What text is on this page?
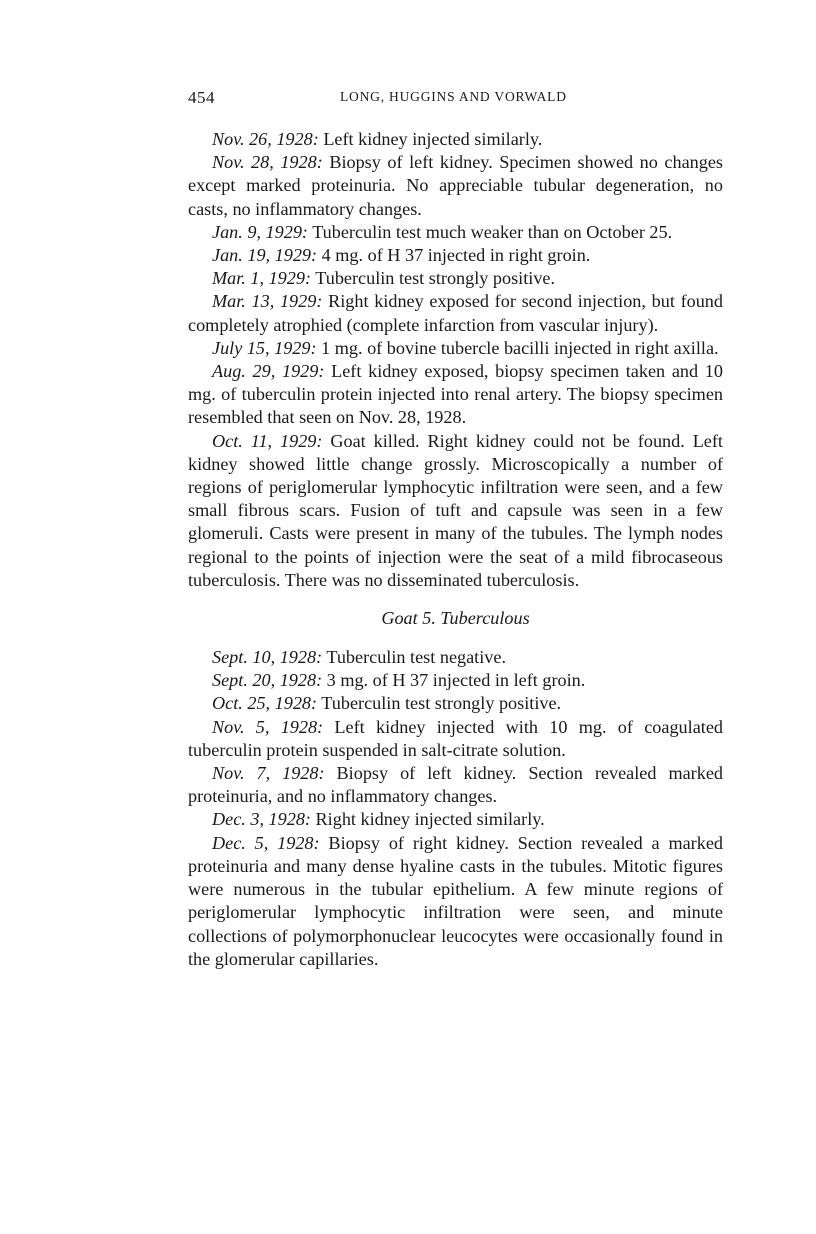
454	LONG, HUGGINS AND VORWALD

Nov. 26, 1928: Left kidney injected similarly.

Nov. 28, 1928: Biopsy of left kidney. Specimen showed no changes except marked proteinuria. No appreciable tubular degeneration, no casts, no inflammatory changes.

Jan. 9, 1929: Tuberculin test much weaker than on October 25.

Jan. 19, 1929: 4 mg. of H 37 injected in right groin.

Mar. 1, 1929: Tuberculin test strongly positive.

Mar. 13, 1929: Right kidney exposed for second injection, but found completely atrophied (complete infarction from vascular injury).

July 15, 1929: 1 mg. of bovine tubercle bacilli injected in right axilla.

Aug. 29, 1929: Left kidney exposed, biopsy specimen taken and 10 mg. of tuberculin protein injected into renal artery. The biopsy specimen resembled that seen on Nov. 28, 1928.

Oct. 11, 1929: Goat killed. Right kidney could not be found. Left kidney showed little change grossly. Microscopically a number of regions of periglomerular lymphocytic infiltration were seen, and a few small fibrous scars. Fusion of tuft and capsule was seen in a few glomeruli. Casts were present in many of the tubules. The lymph nodes regional to the points of injection were the seat of a mild fibrocaseous tuberculosis. There was no disseminated tuberculosis.

Goat 5. Tuberculous

Sept. 10, 1928: Tuberculin test negative.

Sept. 20, 1928: 3 mg. of H 37 injected in left groin.

Oct. 25, 1928: Tuberculin test strongly positive.

Nov. 5, 1928: Left kidney injected with 10 mg. of coagulated tuberculin protein suspended in salt-citrate solution.

Nov. 7, 1928: Biopsy of left kidney. Section revealed marked proteinuria, and no inflammatory changes.

Dec. 3, 1928: Right kidney injected similarly.

Dec. 5, 1928: Biopsy of right kidney. Section revealed a marked proteinuria and many dense hyaline casts in the tubules. Mitotic figures were numerous in the tubular epithelium. A few minute regions of periglomerular lymphocytic infiltration were seen, and minute collections of polymorphonuclear leucocytes were occasionally found in the glomerular capillaries.
